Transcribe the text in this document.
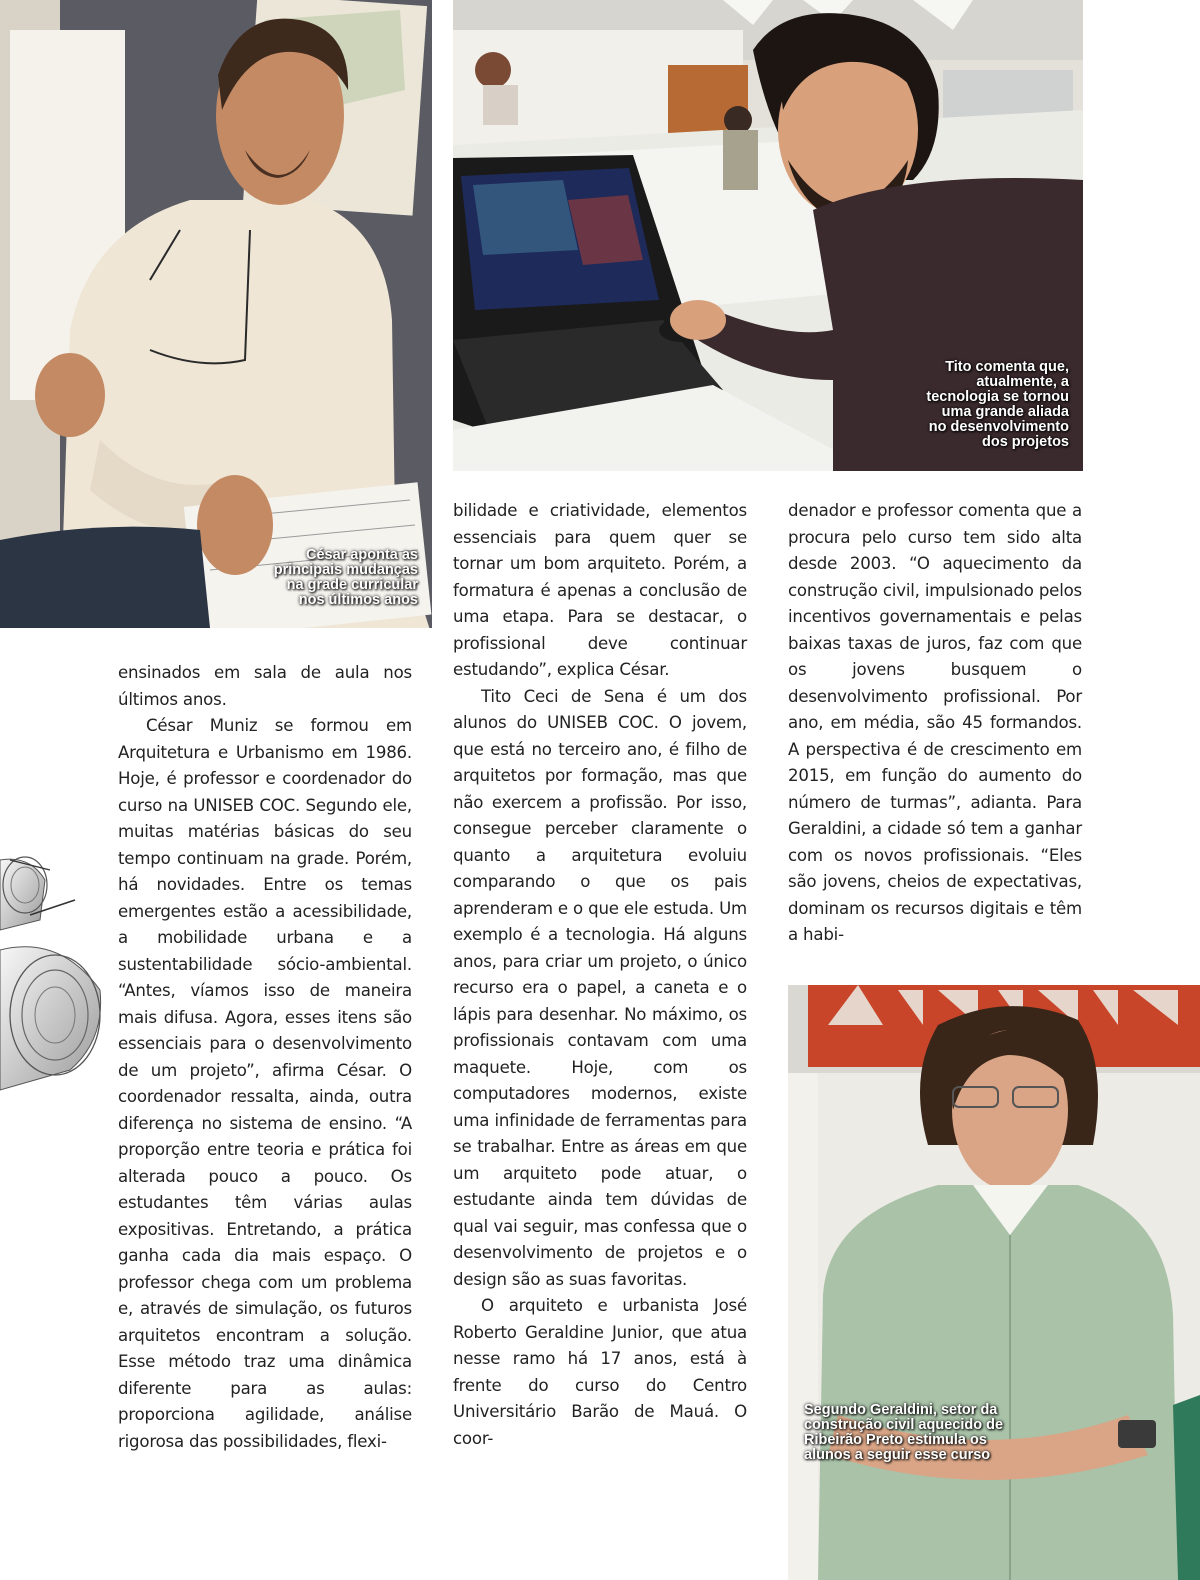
César aponta as
principais mudanças
na grade curricular
nos últimos anos
Tito comenta que,
atualmente, a
tecnologia se tornou
uma grande aliada
no desenvolvimento
dos projetos
Segundo Geraldini, setor da
construção civil aquecido de
Ribeirão Preto estimula os
alunos a seguir esse curso

ensinados em sala de aula nos últimos anos.

César Muniz se formou em Arquitetura e Urbanismo em 1986. Hoje, é professor e coordenador do curso na UNISEB COC. Segundo ele, muitas matérias básicas do seu tempo continuam na grade. Porém, há novidades. Entre os temas emergentes estão a acessibilidade, a mobilidade urbana e a sustentabilidade sócio-ambiental. “Antes, víamos isso de maneira mais difusa. Agora, esses itens são essenciais para o desenvolvimento de um projeto”, afirma César. O coordenador ressalta, ainda, outra diferença no sistema de ensino. “A proporção entre teoria e prática foi alterada pouco a pouco. Os estudantes têm várias aulas expositivas. Entretando, a prática ganha cada dia mais espaço. O professor chega com um problema e, através de simulação, os futuros arquitetos encontram a solução. Esse método traz uma dinâmica diferente para as aulas: proporciona agilidade, análise rigorosa das possibilidades, flexi-

bilidade e criatividade, elementos essenciais para quem quer se tornar um bom arquiteto. Porém, a formatura é apenas a conclusão de uma etapa. Para se destacar, o profissional deve continuar estudando”, explica César.

Tito Ceci de Sena é um dos alunos do UNISEB COC. O jovem, que está no terceiro ano, é filho de arquitetos por formação, mas que não exercem a profissão. Por isso, consegue perceber claramente o quanto a arquitetura evoluiu comparando o que os pais aprenderam e o que ele estuda. Um exemplo é a tecnologia. Há alguns anos, para criar um projeto, o único recurso era o papel, a caneta e o lápis para desenhar. No máximo, os profissionais contavam com uma maquete. Hoje, com os computadores modernos, existe uma infinidade de ferramentas para se trabalhar. Entre as áreas em que um arquiteto pode atuar, o estudante ainda tem dúvidas de qual vai seguir, mas confessa que o desenvolvimento de projetos e o design são as suas favoritas.

O arquiteto e urbanista José Roberto Geraldine Junior, que atua nesse ramo há 17 anos, está à frente do curso do Centro Universitário Barão de Mauá. O coor-

denador e professor comenta que a procura pelo curso tem sido alta desde 2003. “O aquecimento da construção civil, impulsionado pelos incentivos governamentais e pelas baixas taxas de juros, faz com que os jovens busquem o desenvolvimento profissional. Por ano, em média, são 45 formandos. A perspectiva é de crescimento em 2015, em função do aumento do número de turmas”, adianta. Para Geraldini, a cidade só tem a ganhar com os novos profissionais. “Eles são jovens, cheios de expectativas, dominam os recursos digitais e têm a habi-
